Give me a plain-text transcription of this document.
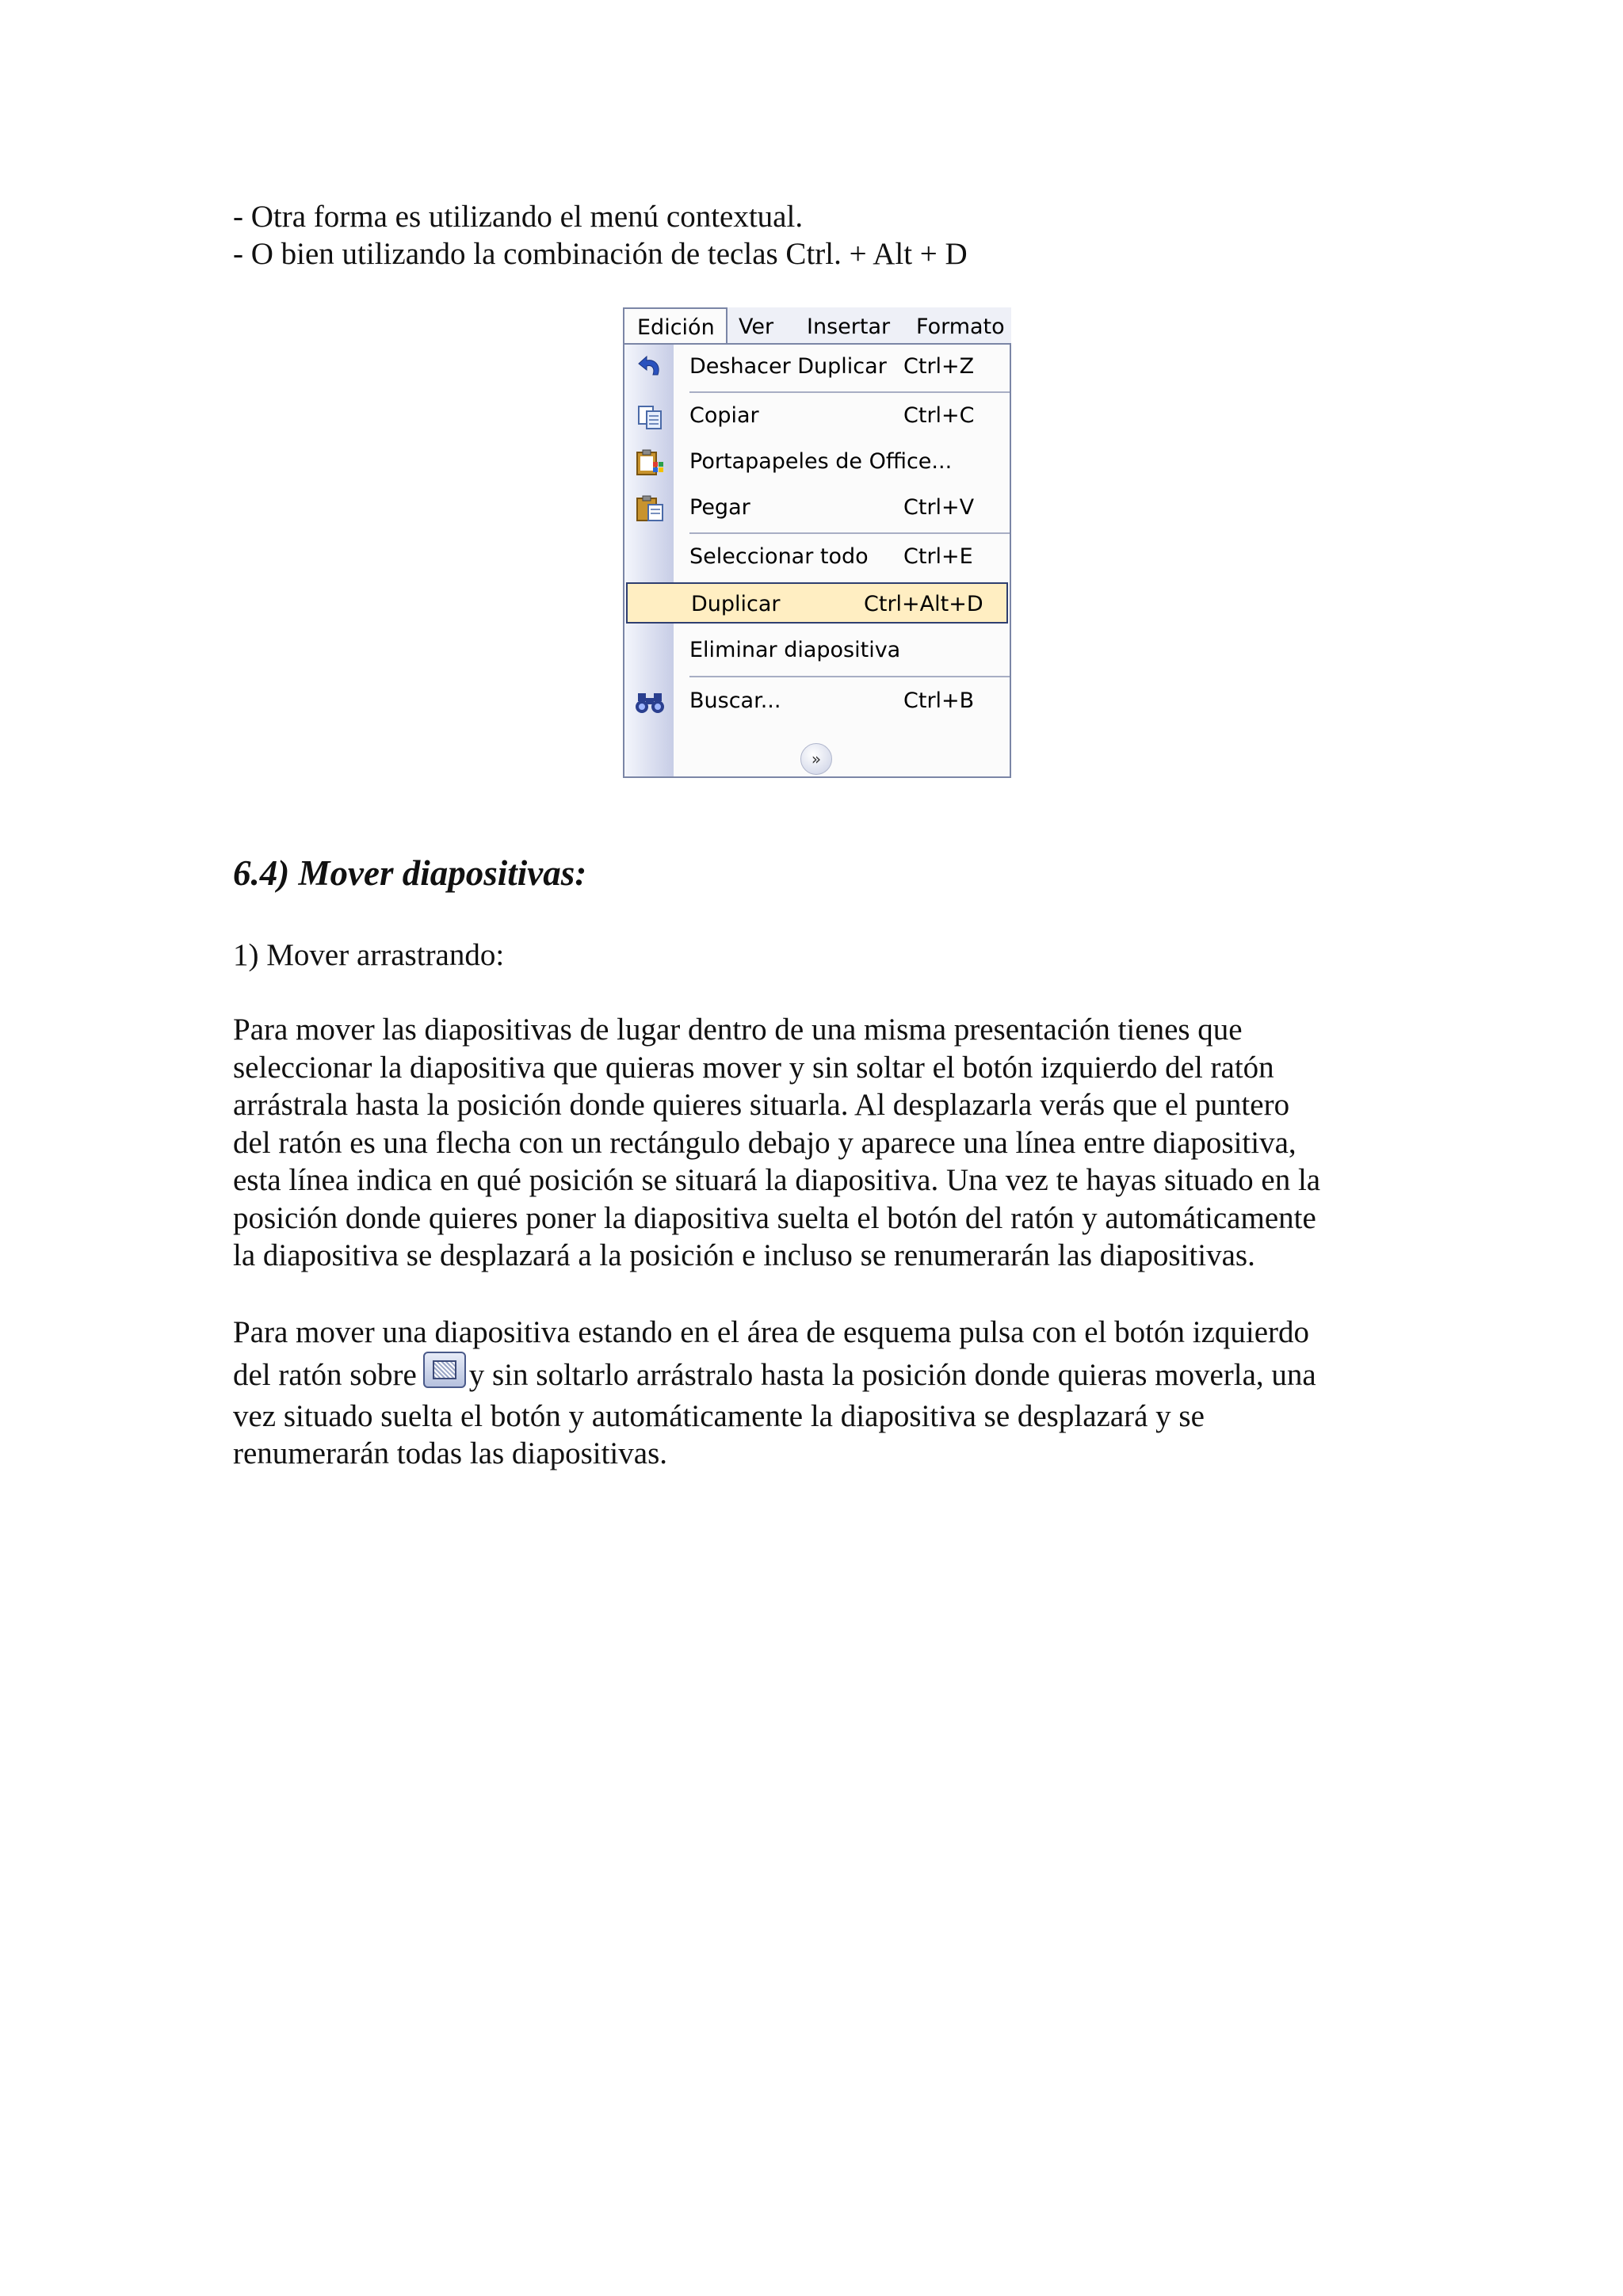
- Otra forma es utilizando el menú contextual.

- O bien utilizando la combinación de teclas Ctrl. + Alt + D

Edición	Ver Insertar Formato
Deshacer Duplicar Ctrl+Z
Copiar	Ctrl+C
Portapapeles de Office...
Pegar	Ctrl+V
Seleccionar todo Ctrl+E
Duplicar	Ctrl+Alt+D
Eliminar diapositiva
Buscar...	Ctrl+B
»
6.4) Mover diapositivas:

1) Mover arrastrando:

Para mover las diapositivas de lugar dentro de una misma presentación tienes que
seleccionar la diapositiva que quieras mover y sin soltar el botón izquierdo del ratón
arrástrala hasta la posición donde quieres situarla. Al desplazarla verás que el puntero
del ratón es una flecha con un rectángulo debajo y aparece una línea entre diapositiva,
esta línea indica en qué posición se situará la diapositiva. Una vez te hayas situado en la
posición donde quieres poner la diapositiva suelta el botón del ratón y automáticamente
la diapositiva se desplazará a la posición e incluso se renumerarán las diapositivas.
Para mover una diapositiva estando en el área de esquema pulsa con el botón izquierdo
del ratón sobre y sin soltarlo arrástralo hasta la posición donde quieras moverla, una
vez situado suelta el botón y automáticamente la diapositiva se desplazará y se
renumerarán todas las diapositivas.
